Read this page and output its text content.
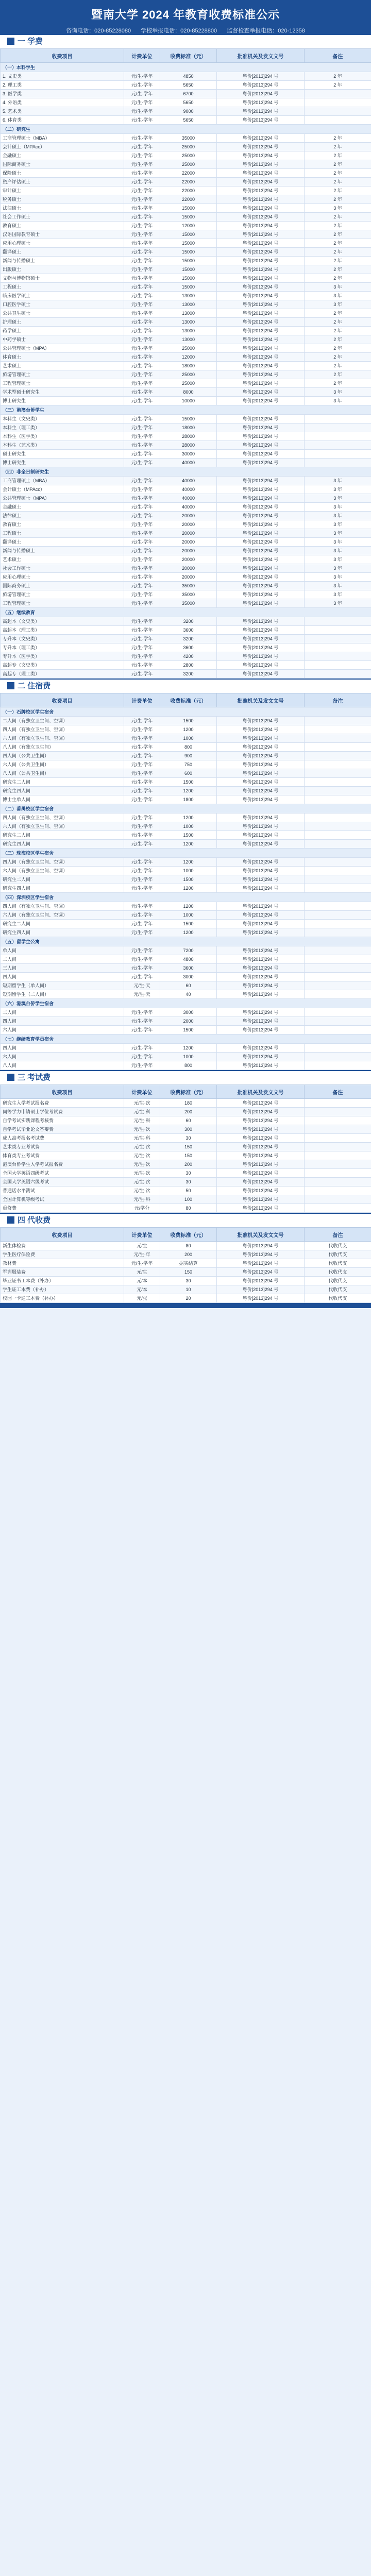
暨南大学 2024 年教育收费标准公示
咨询电话：020-85228080 学校举报电话：020-85228800 监督检查举报电话：020-12358
一 学费
收费项目	计费单位	收费标准（元）	批准机关及发文文号	备注
（一）本科学生				
1. 文史类	元/生·学年	4850	粤价[2013]294 号	2 年
2. 理工类	元/生·学年	5650	粤价[2013]294 号	2 年
3. 医学类	元/生·学年	6700	粤价[2013]294 号	
4. 外语类	元/生·学年	5650	粤价[2013]294 号	
5. 艺术类	元/生·学年	9000	粤价[2013]294 号	
6. 体育类	元/生·学年	5650	粤价[2013]294 号	
（二）研究生				
工商管理硕士（MBA）	元/生·学年	35000	粤价[2013]294 号	2 年
会计硕士（MPAcc）	元/生·学年	25000	粤价[2013]294 号	2 年
金融硕士	元/生·学年	25000	粤价[2013]294 号	2 年
国际商务硕士	元/生·学年	25000	粤价[2013]294 号	2 年
保险硕士	元/生·学年	22000	粤价[2013]294 号	2 年
资产评估硕士	元/生·学年	22000	粤价[2013]294 号	2 年
审计硕士	元/生·学年	22000	粤价[2013]294 号	2 年
税务硕士	元/生·学年	22000	粤价[2013]294 号	2 年
法律硕士	元/生·学年	15000	粤价[2013]294 号	3 年
社会工作硕士	元/生·学年	15000	粤价[2013]294 号	2 年
教育硕士	元/生·学年	12000	粤价[2013]294 号	2 年
汉语国际教育硕士	元/生·学年	15000	粤价[2013]294 号	2 年
应用心理硕士	元/生·学年	15000	粤价[2013]294 号	2 年
翻译硕士	元/生·学年	15000	粤价[2013]294 号	2 年
新闻与传播硕士	元/生·学年	15000	粤价[2013]294 号	2 年
出版硕士	元/生·学年	15000	粤价[2013]294 号	2 年
文物与博物馆硕士	元/生·学年	15000	粤价[2013]294 号	2 年
工程硕士	元/生·学年	15000	粤价[2013]294 号	3 年
临床医学硕士	元/生·学年	13000	粤价[2013]294 号	3 年
口腔医学硕士	元/生·学年	13000	粤价[2013]294 号	3 年
公共卫生硕士	元/生·学年	13000	粤价[2013]294 号	2 年
护理硕士	元/生·学年	13000	粤价[2013]294 号	2 年
药学硕士	元/生·学年	13000	粤价[2013]294 号	2 年
中药学硕士	元/生·学年	13000	粤价[2013]294 号	2 年
公共管理硕士（MPA）	元/生·学年	25000	粤价[2013]294 号	2 年
体育硕士	元/生·学年	12000	粤价[2013]294 号	2 年
艺术硕士	元/生·学年	18000	粤价[2013]294 号	2 年
旅游管理硕士	元/生·学年	25000	粤价[2013]294 号	2 年
工程管理硕士	元/生·学年	25000	粤价[2013]294 号	2 年
学术型硕士研究生	元/生·学年	8000	粤价[2013]294 号	3 年
博士研究生	元/生·学年	10000	粤价[2013]294 号	3 年
（三）港澳台侨学生				
本科生（文史类）	元/生·学年	15000	粤价[2013]294 号	
本科生（理工类）	元/生·学年	18000	粤价[2013]294 号	
本科生（医学类）	元/生·学年	28000	粤价[2013]294 号	
本科生（艺术类）	元/生·学年	28000	粤价[2013]294 号	
硕士研究生	元/生·学年	30000	粤价[2013]294 号	
博士研究生	元/生·学年	40000	粤价[2013]294 号	
（四）非全日制研究生				
工商管理硕士（MBA）	元/生·学年	40000	粤价[2013]294 号	3 年
会计硕士（MPAcc）	元/生·学年	40000	粤价[2013]294 号	3 年
公共管理硕士（MPA）	元/生·学年	40000	粤价[2013]294 号	3 年
金融硕士	元/生·学年	40000	粤价[2013]294 号	3 年
法律硕士	元/生·学年	20000	粤价[2013]294 号	3 年
教育硕士	元/生·学年	20000	粤价[2013]294 号	3 年
工程硕士	元/生·学年	20000	粤价[2013]294 号	3 年
翻译硕士	元/生·学年	20000	粤价[2013]294 号	3 年
新闻与传播硕士	元/生·学年	20000	粤价[2013]294 号	3 年
艺术硕士	元/生·学年	20000	粤价[2013]294 号	3 年
社会工作硕士	元/生·学年	20000	粤价[2013]294 号	3 年
应用心理硕士	元/生·学年	20000	粤价[2013]294 号	3 年
国际商务硕士	元/生·学年	35000	粤价[2013]294 号	3 年
旅游管理硕士	元/生·学年	35000	粤价[2013]294 号	3 年
工程管理硕士	元/生·学年	35000	粤价[2013]294 号	3 年
（五）继续教育				
高起本（文史类）	元/生·学年	3200	粤价[2013]294 号	
高起本（理工类）	元/生·学年	3600	粤价[2013]294 号	
专升本（文史类）	元/生·学年	3200	粤价[2013]294 号	
专升本（理工类）	元/生·学年	3600	粤价[2013]294 号	
专升本（医学类）	元/生·学年	4200	粤价[2013]294 号	
高起专（文史类）	元/生·学年	2800	粤价[2013]294 号	
高起专（理工类）	元/生·学年	3200	粤价[2013]294 号	
二 住宿费
收费项目	计费单位	收费标准（元）	批准机关及发文文号	备注
（一）石牌校区学生宿舍				
二人间（有独立卫生间、空调）	元/生·学年	1500	粤价[2013]294 号	
四人间（有独立卫生间、空调）	元/生·学年	1200	粤价[2013]294 号	
六人间（有独立卫生间、空调）	元/生·学年	1000	粤价[2013]294 号	
八人间（有独立卫生间）	元/生·学年	800	粤价[2013]294 号	
四人间（公共卫生间）	元/生·学年	900	粤价[2013]294 号	
六人间（公共卫生间）	元/生·学年	750	粤价[2013]294 号	
八人间（公共卫生间）	元/生·学年	600	粤价[2013]294 号	
研究生二人间	元/生·学年	1500	粤价[2013]294 号	
研究生四人间	元/生·学年	1200	粤价[2013]294 号	
博士生单人间	元/生·学年	1800	粤价[2013]294 号	
（二）番禺校区学生宿舍				
四人间（有独立卫生间、空调）	元/生·学年	1200	粤价[2013]294 号	
六人间（有独立卫生间、空调）	元/生·学年	1000	粤价[2013]294 号	
研究生二人间	元/生·学年	1500	粤价[2013]294 号	
研究生四人间	元/生·学年	1200	粤价[2013]294 号	
（三）珠海校区学生宿舍				
四人间（有独立卫生间、空调）	元/生·学年	1200	粤价[2013]294 号	
六人间（有独立卫生间、空调）	元/生·学年	1000	粤价[2013]294 号	
研究生二人间	元/生·学年	1500	粤价[2013]294 号	
研究生四人间	元/生·学年	1200	粤价[2013]294 号	
（四）深圳校区学生宿舍				
四人间（有独立卫生间、空调）	元/生·学年	1200	粤价[2013]294 号	
六人间（有独立卫生间、空调）	元/生·学年	1000	粤价[2013]294 号	
研究生二人间	元/生·学年	1500	粤价[2013]294 号	
研究生四人间	元/生·学年	1200	粤价[2013]294 号	
（五）留学生公寓				
单人间	元/生·学年	7200	粤价[2013]294 号	
二人间	元/生·学年	4800	粤价[2013]294 号	
三人间	元/生·学年	3600	粤价[2013]294 号	
四人间	元/生·学年	3000	粤价[2013]294 号	
短期留学生（单人间）	元/生·天	60	粤价[2013]294 号	
短期留学生（二人间）	元/生·天	40	粤价[2013]294 号	
（六）港澳台侨学生宿舍				
二人间	元/生·学年	3000	粤价[2013]294 号	
四人间	元/生·学年	2000	粤价[2013]294 号	
六人间	元/生·学年	1500	粤价[2013]294 号	
（七）继续教育学员宿舍				
四人间	元/生·学年	1200	粤价[2013]294 号	
六人间	元/生·学年	1000	粤价[2013]294 号	
八人间	元/生·学年	800	粤价[2013]294 号	
三 考试费
收费项目	计费单位	收费标准（元）	批准机关及发文文号	备注
研究生入学考试报名费	元/生·次	180	粤价[2013]294 号	
同等学力申请硕士学位考试费	元/生·科	200	粤价[2013]294 号	
自学考试实践课程考核费	元/生·科	60	粤价[2013]294 号	
自学考试毕业论文答辩费	元/生·次	300	粤价[2013]294 号	
成人高考报名考试费	元/生·科	30	粤价[2013]294 号	
艺术类专业考试费	元/生·次	150	粤价[2013]294 号	
体育类专业考试费	元/生·次	150	粤价[2013]294 号	
港澳台侨学生入学考试报名费	元/生·次	200	粤价[2013]294 号	
全国大学英语四级考试	元/生·次	30	粤价[2013]294 号	
全国大学英语六级考试	元/生·次	30	粤价[2013]294 号	
普通话水平测试	元/生·次	50	粤价[2013]294 号	
全国计算机等级考试	元/生·科	100	粤价[2013]294 号	
重修费	元/学分	80	粤价[2013]294 号	
四 代收费
收费项目	计费单位	收费标准（元）	批准机关及发文文号	备注
新生体检费	元/生	80	粤价[2013]294 号	代收代支
学生医疗保险费	元/生·年	200	粤价[2013]294 号	代收代支
教材费	元/生·学年	据实结算	粤价[2013]294 号	代收代支
军训服装费	元/生	150	粤价[2013]294 号	代收代支
毕业证书工本费（补办）	元/本	30	粤价[2013]294 号	代收代支
学生证工本费（补办）	元/本	10	粤价[2013]294 号	代收代支
校园一卡通工本费（补办）	元/张	20	粤价[2013]294 号	代收代支
